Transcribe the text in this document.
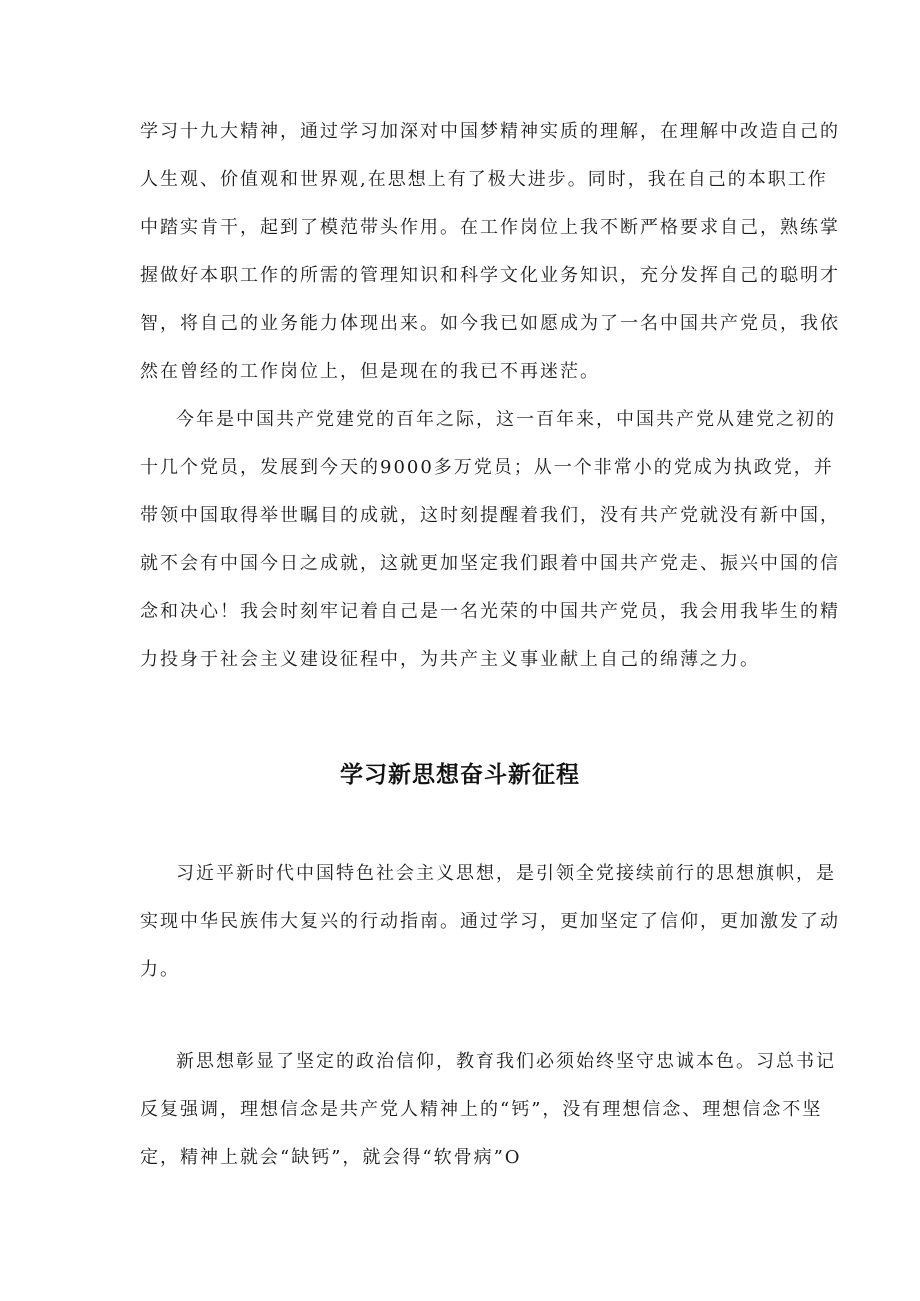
学习十九大精神，通过学习加深对中国梦精神实质的理解，在理解中改造自己的
人生观、价值观和世界观,在思想上有了极大进步。同时，我在自己的本职工作
中踏实肯干，起到了模范带头作用。在工作岗位上我不断严格要求自己，熟练掌
握做好本职工作的所需的管理知识和科学文化业务知识，充分发挥自己的聪明才
智，将自己的业务能力体现出来。如今我已如愿成为了一名中国共产党员，我依
然在曾经的工作岗位上，但是现在的我已不再迷茫。
今年是中国共产党建党的百年之际，这一百年来，中国共产党从建党之初的
十几个党员，发展到今天的9000多万党员；从一个非常小的党成为执政党，并
带领中国取得举世瞩目的成就，这时刻提醒着我们，没有共产党就没有新中国，
就不会有中国今日之成就，这就更加坚定我们跟着中国共产党走、振兴中国的信
念和决心！我会时刻牢记着自己是一名光荣的中国共产党员，我会用我毕生的精
力投身于社会主义建设征程中，为共产主义事业献上自己的绵薄之力。
学习新思想奋斗新征程
习近平新时代中国特色社会主义思想，是引领全党接续前行的思想旗帜，是
实现中华民族伟大复兴的行动指南。通过学习，更加坚定了信仰，更加激发了动
力。
新思想彰显了坚定的政治信仰，教育我们必须始终坚守忠诚本色。习总书记
反复强调，理想信念是共产党人精神上的“钙”，没有理想信念、理想信念不坚
定，精神上就会“缺钙”，就会得“软骨病”O
